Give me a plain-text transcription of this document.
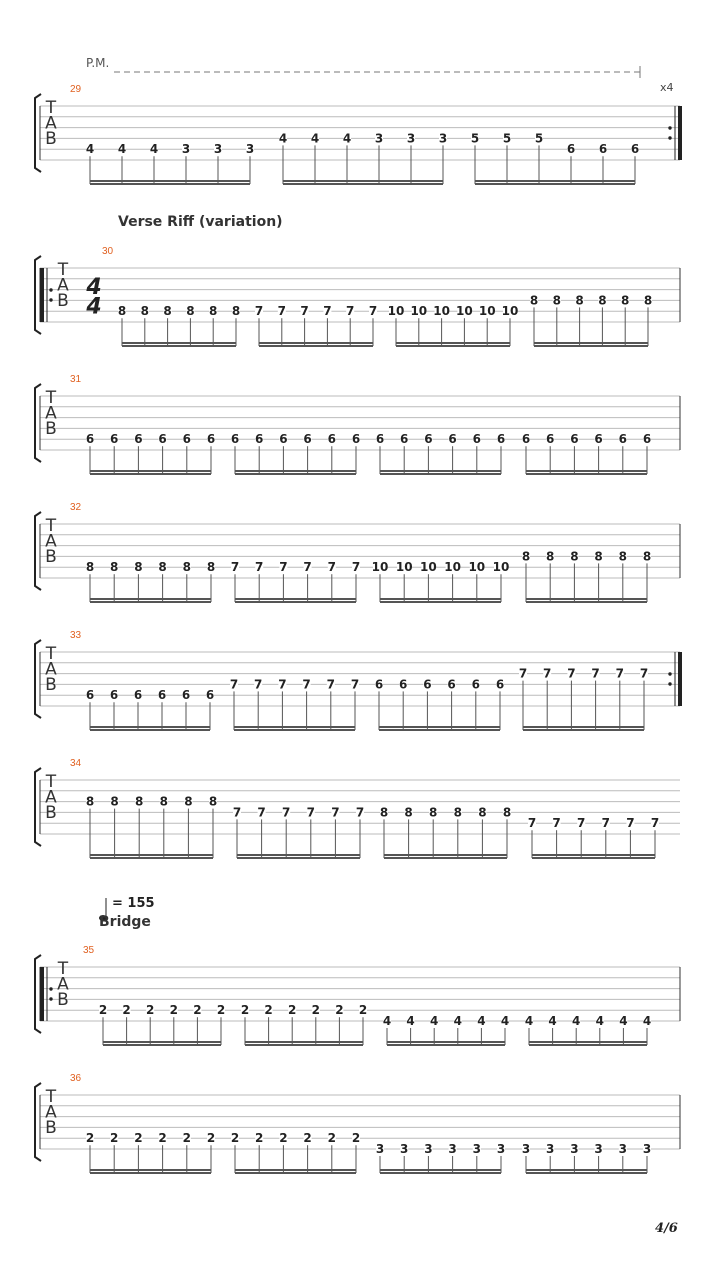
P.M.
x4
Verse Riff (variation)
= 155
Bridge
T
A
B
4 4 4 3 3 3
4 4 4 3 3 3 5 5 5
6 6 6
29
T
A
B
4
4 8 8 8 8 8 8 7 7 7 7 7 7 10 10 10 10 10 10
8 8 8 8 8 8
30
T
A
B
6 6 6 6 6 6 6 6 6 6 6 6 6 6 6 6 6 6 6 6 6 6 6 6
31
T
A
B
8 8 8 8 8 8 7 7 7 7 7 7 10 10 10 10 10 10
8 8 8 8 8 8
32
T
A
B
6 6 6 6 6 6
7 7 7 7 7 7 6 6 6 6 6 6
7 7 7 7 7 7
33
T
A
B
8 8 8 8 8 8
7 7 7 7 7 7 8 8 8 8 8 8
7 7 7 7 7 7
34
T
A
B
2 2 2 2 2 2 2 2 2 2 2 2
4 4 4 4 4 4 4 4 4 4 4 4
35
T
A
B
2 2 2 2 2 2 2 2 2 2 2 2
3 3 3 3 3 3 3 3 3 3 3 3
36
4/6
